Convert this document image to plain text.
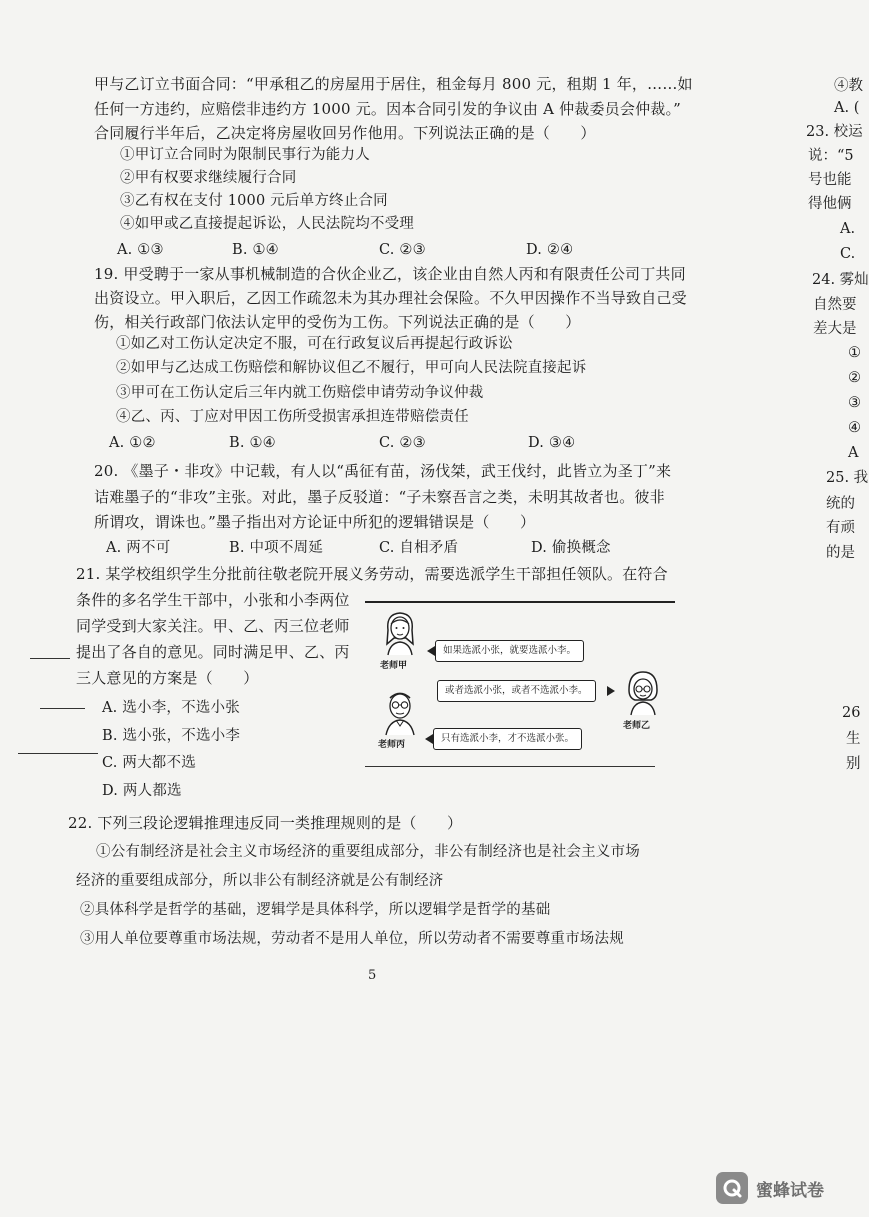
甲与乙订立书面合同：“甲承租乙的房屋用于居住，租金每月 800 元，租期 1 年，……如
任何一方违约，应赔偿非违约方 1000 元。因本合同引发的争议由 A 仲裁委员会仲裁。”
合同履行半年后，乙决定将房屋收回另作他用。下列说法正确的是（　　）
①甲订立合同时为限制民事行为能力人
②甲有权要求继续履行合同
③乙有权在支付 1000 元后单方终止合同
④如甲或乙直接提起诉讼，人民法院均不受理
A. ①③	B. ①④	C. ②③	D. ②④
19. 甲受聘于一家从事机械制造的合伙企业乙，该企业由自然人丙和有限责任公司丁共同
出资设立。甲入职后，乙因工作疏忽未为其办理社会保险。不久甲因操作不当导致自己受
伤，相关行政部门依法认定甲的受伤为工伤。下列说法正确的是（　　）
①如乙对工伤认定决定不服，可在行政复议后再提起行政诉讼
②如甲与乙达成工伤赔偿和解协议但乙不履行，甲可向人民法院直接起诉
③甲可在工伤认定后三年内就工伤赔偿申请劳动争议仲裁
④乙、丙、丁应对甲因工伤所受损害承担连带赔偿责任
A. ①②	B. ①④	C. ②③	D. ③④
20. 《墨子・非攻》中记载，有人以“禹征有苗，汤伐桀，武王伐纣，此皆立为圣丁”来
诘难墨子的“非攻”主张。对此，墨子反驳道：“子未察吾言之类，未明其故者也。彼非
所谓攻，谓诛也。”墨子指出对方论证中所犯的逻辑错误是（　　）
A. 两不可	B. 中项不周延	C. 自相矛盾	D. 偷换概念
21. 某学校组织学生分批前往敬老院开展义务劳动，需要选派学生干部担任领队。在符合
条件的多名学生干部中，小张和小李两位
同学受到大家关注。甲、乙、丙三位老师
提出了各自的意见。同时满足甲、乙、丙
三人意见的方案是（　　）
A. 选小李，不选小张
B. 选小张，不选小李
C. 两大都不选
D. 两人都选
老师甲
如果选派小张，就要选派小李。
老师乙
或者选派小张，或者不选派小李。
老师丙
只有选派小李，才不选派小张。
22. 下列三段论逻辑推理违反同一类推理规则的是（　　）
①公有制经济是社会主义市场经济的重要组成部分，非公有制经济也是社会主义市场
经济的重要组成部分，所以非公有制经济就是公有制经济
②具体科学是哲学的基础，逻辑学是具体科学，所以逻辑学是哲学的基础
③用人单位要尊重市场法规，劳动者不是用人单位，所以劳动者不需要尊重市场法规
5
④教
A. (
23. 校运
说：“5
号也能
得他俩
A.
C.
24. 雾灿
自然要
差大是
①
②
③
④
A
25. 我
统的
有顽
的是
26
生
别
蜜蜂试卷
